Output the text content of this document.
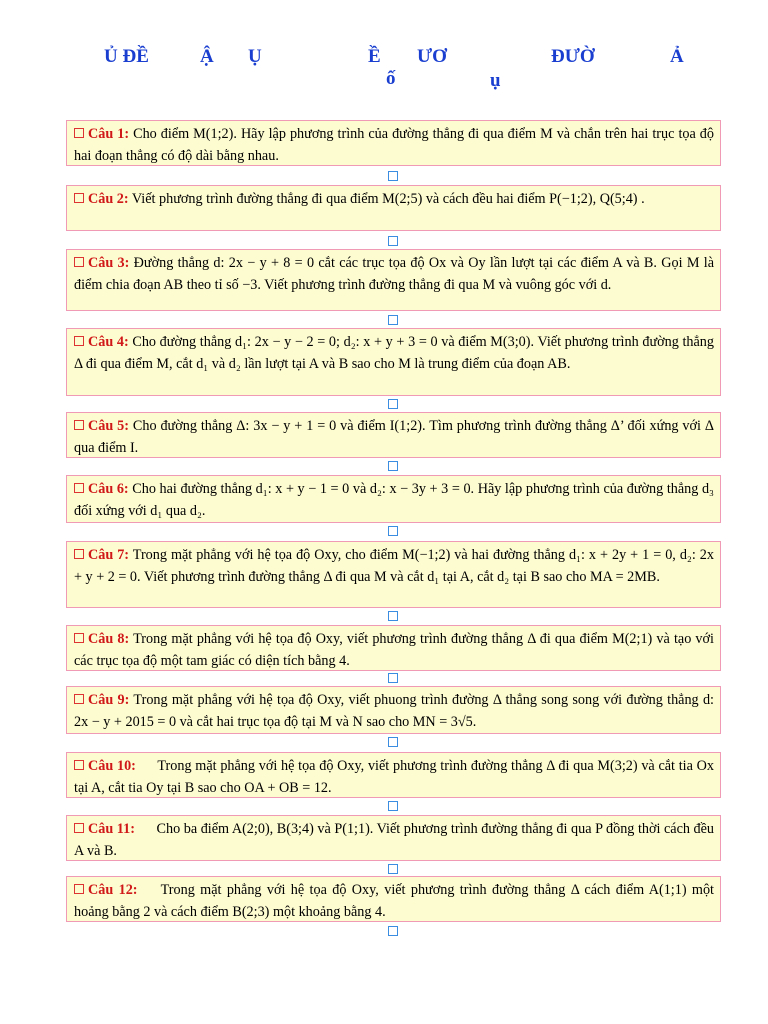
Ủ ĐỀ	Ậ Ụ	Ề ƯƠ	ĐƯỜ	Ả
ố	ụ
Câu 1: Cho điểm M(1;2). Hãy lập phương trình của đường thẳng đi qua điểm M và chắn trên hai trục tọa độ hai đoạn thẳng có độ dài bằng nhau.
Câu 2: Viết phương trình đường thẳng đi qua điểm M(2;5) và cách đều hai điểm P(−1;2), Q(5;4) .
Câu 3: Đường thẳng d: 2x − y + 8 = 0 cắt các trục tọa độ Ox và Oy lần lượt tại các điểm A và B. Gọi M là điểm chia đoạn AB theo tỉ số −3. Viết phương trình đường thẳng đi qua M và vuông góc với d.
Câu 4: Cho đường thẳng d₁: 2x − y − 2 = 0; d₂: x + y + 3 = 0 và điểm M(3;0). Viết phương trình đường thẳng Δ đi qua điểm M, cắt d₁ và d₂ lần lượt tại A và B sao cho M là trung điểm của đoạn AB.
Câu 5: Cho đường thẳng Δ: 3x − y + 1 = 0 và điểm I(1;2). Tìm phương trình đường thẳng Δ’ đối xứng với Δ qua điểm I.
Câu 6: Cho hai đường thẳng d₁: x + y − 1 = 0 và d₂: x − 3y + 3 = 0. Hãy lập phương trình của đường thẳng d₃ đối xứng với d₁ qua d₂.
Câu 7: Trong mặt phẳng với hệ tọa độ Oxy, cho điểm M(−1;2) và hai đường thẳng d₁: x + 2y + 1 = 0, d₂: 2x + y + 2 = 0. Viết phương trình đường thẳng Δ đi qua M và cắt d₁ tại A, cắt d₂ tại B sao cho MA = 2MB.
Câu 8: Trong mặt phẳng với hệ tọa độ Oxy, viết phương trình đường thẳng Δ đi qua điểm M(2;1) và tạo với các trục tọa độ một tam giác có diện tích bằng 4.
Câu 9: Trong mặt phẳng với hệ tọa độ Oxy, viết phuong trình đường Δ thẳng song song với đường thẳng d: 2x − y + 2015 = 0 và cắt hai trục tọa độ tại M và N sao cho MN = 3√5.
Câu 10: Trong mặt phẳng với hệ tọa độ Oxy, viết phương trình đường thẳng Δ đi qua M(3;2) và cắt tia Ox tại A, cắt tia Oy tại B sao cho OA + OB = 12.
Câu 11: Cho ba điểm A(2;0), B(3;4) và P(1;1). Viết phương trình đường thẳng đi qua P đồng thời cách đều A và B.
Câu 12: Trong mặt phẳng với hệ tọa độ Oxy, viết phương trình đường thẳng Δ cách điểm A(1;1) một hoảng bằng 2 và cách điểm B(2;3) một khoảng bằng 4.
